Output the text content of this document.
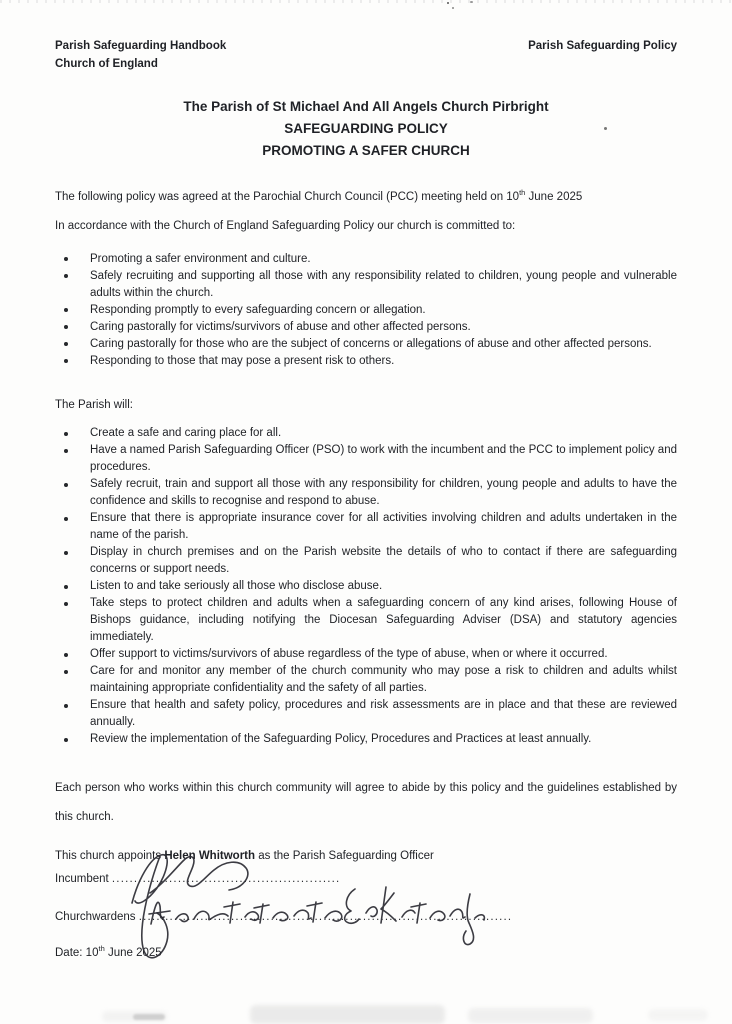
Parish Safeguarding Handbook
Church of England
Parish Safeguarding Policy
The Parish of St Michael And All Angels Church Pirbright
SAFEGUARDING POLICY
PROMOTING A SAFER CHURCH

The following policy was agreed at the Parochial Church Council (PCC) meeting held on 10th June 2025

In accordance with the Church of England Safeguarding Policy our church is committed to:

Promoting a safer environment and culture.
Safely recruiting and supporting all those with any responsibility related to children, young people and vulnerable adults within the church.
Responding promptly to every safeguarding concern or allegation.
Caring pastorally for victims/survivors of abuse and other affected persons.
Caring pastorally for those who are the subject of concerns or allegations of abuse and other affected persons.
Responding to those that may pose a present risk to others.

The Parish will:

Create a safe and caring place for all.
Have a named Parish Safeguarding Officer (PSO) to work with the incumbent and the PCC to implement policy and procedures.
Safely recruit, train and support all those with any responsibility for children, young people and adults to have the confidence and skills to recognise and respond to abuse.
Ensure that there is appropriate insurance cover for all activities involving children and adults undertaken in the name of the parish.
Display in church premises and on the Parish website the details of who to contact if there are safeguarding concerns or support needs.
Listen to and take seriously all those who disclose abuse.
Take steps to protect children and adults when a safeguarding concern of any kind arises, following House of Bishops guidance, including notifying the Diocesan Safeguarding Adviser (DSA) and statutory agencies immediately.
Offer support to victims/survivors of abuse regardless of the type of abuse, when or where it occurred.
Care for and monitor any member of the church community who may pose a risk to children and adults whilst maintaining appropriate confidentiality and the safety of all parties.
Ensure that health and safety policy, procedures and risk assessments are in place and that these are reviewed annually.
Review the implementation of the Safeguarding Policy, Procedures and Practices at least annually.

Each person who works within this church community will agree to abide by this policy and the guidelines established by this church.

This church appoints Helen Whitworth as the Parish Safeguarding Officer

Incumbent ....................................................
Churchwardens .....................................................................................
Date: 10th June 2025
